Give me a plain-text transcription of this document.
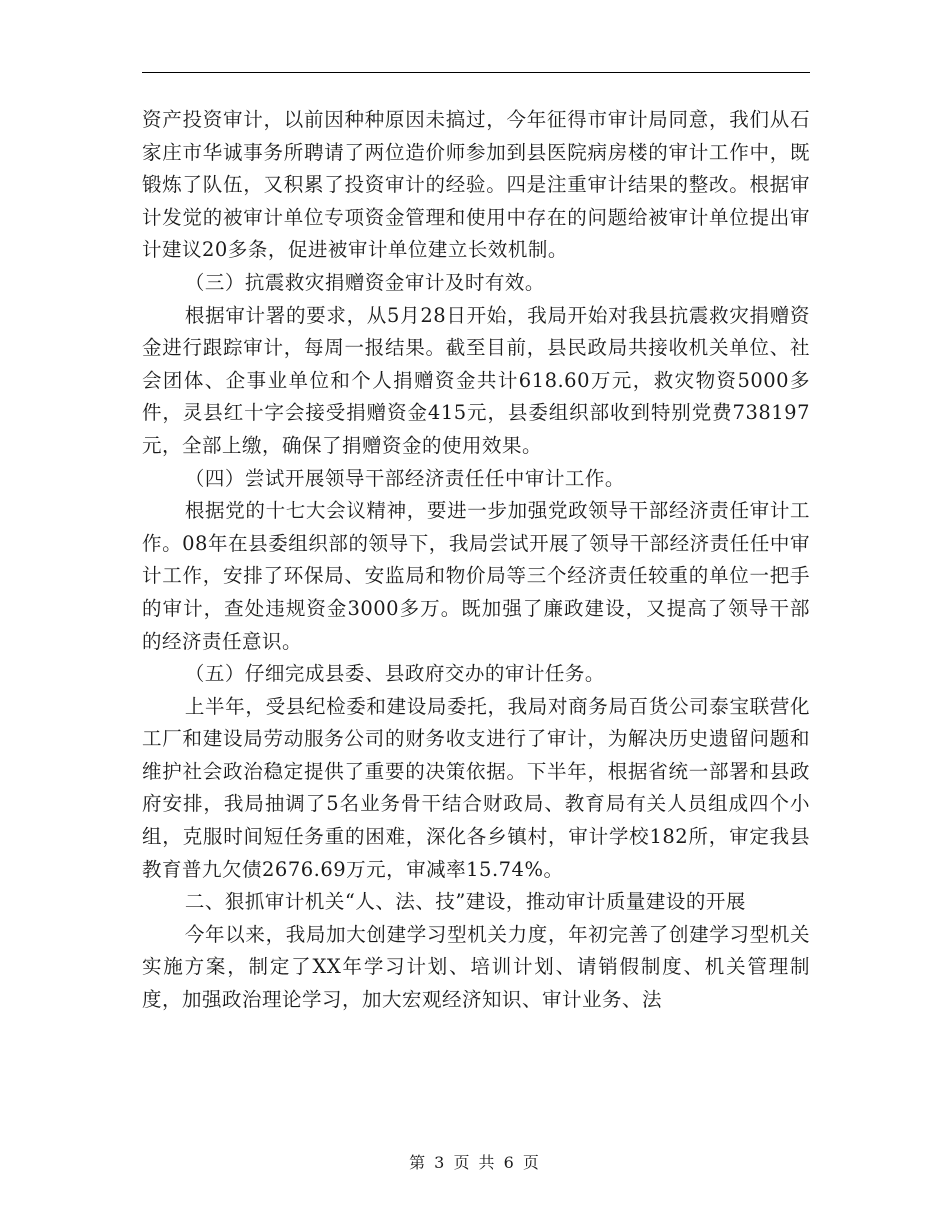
资产投资审计，以前因种种原因未搞过，今年征得市审计局同意，我们从石家庄市华诚事务所聘请了两位造价师参加到县医院病房楼的审计工作中，既锻炼了队伍，又积累了投资审计的经验。四是注重审计结果的整改。根据审计发觉的被审计单位专项资金管理和使用中存在的问题给被审计单位提出审计建议20多条，促进被审计单位建立长效机制。

（三）抗震救灾捐赠资金审计及时有效。

根据审计署的要求，从5月28日开始，我局开始对我县抗震救灾捐赠资金进行跟踪审计，每周一报结果。截至目前，县民政局共接收机关单位、社会团体、企事业单位和个人捐赠资金共计618.60万元，救灾物资5000多件，灵县红十字会接受捐赠资金415元，县委组织部收到特别党费738197元，全部上缴，确保了捐赠资金的使用效果。

（四）尝试开展领导干部经济责任任中审计工作。

根据党的十七大会议精神，要进一步加强党政领导干部经济责任审计工作。08年在县委组织部的领导下，我局尝试开展了领导干部经济责任任中审计工作，安排了环保局、安监局和物价局等三个经济责任较重的单位一把手的审计，查处违规资金3000多万。既加强了廉政建设，又提高了领导干部的经济责任意识。

（五）仔细完成县委、县政府交办的审计任务。

上半年，受县纪检委和建设局委托，我局对商务局百货公司泰宝联营化工厂和建设局劳动服务公司的财务收支进行了审计，为解决历史遗留问题和维护社会政治稳定提供了重要的决策依据。下半年，根据省统一部署和县政府安排，我局抽调了5名业务骨干结合财政局、教育局有关人员组成四个小组，克服时间短任务重的困难，深化各乡镇村，审计学校182所，审定我县教育普九欠债2676.69万元，审减率15.74%。

二、狠抓审计机关“人、法、技”建设，推动审计质量建设的开展

今年以来，我局加大创建学习型机关力度，年初完善了创建学习型机关实施方案，制定了XX年学习计划、培训计划、请销假制度、机关管理制度，加强政治理论学习，加大宏观经济知识、审计业务、法

第 3 页 共 6 页
